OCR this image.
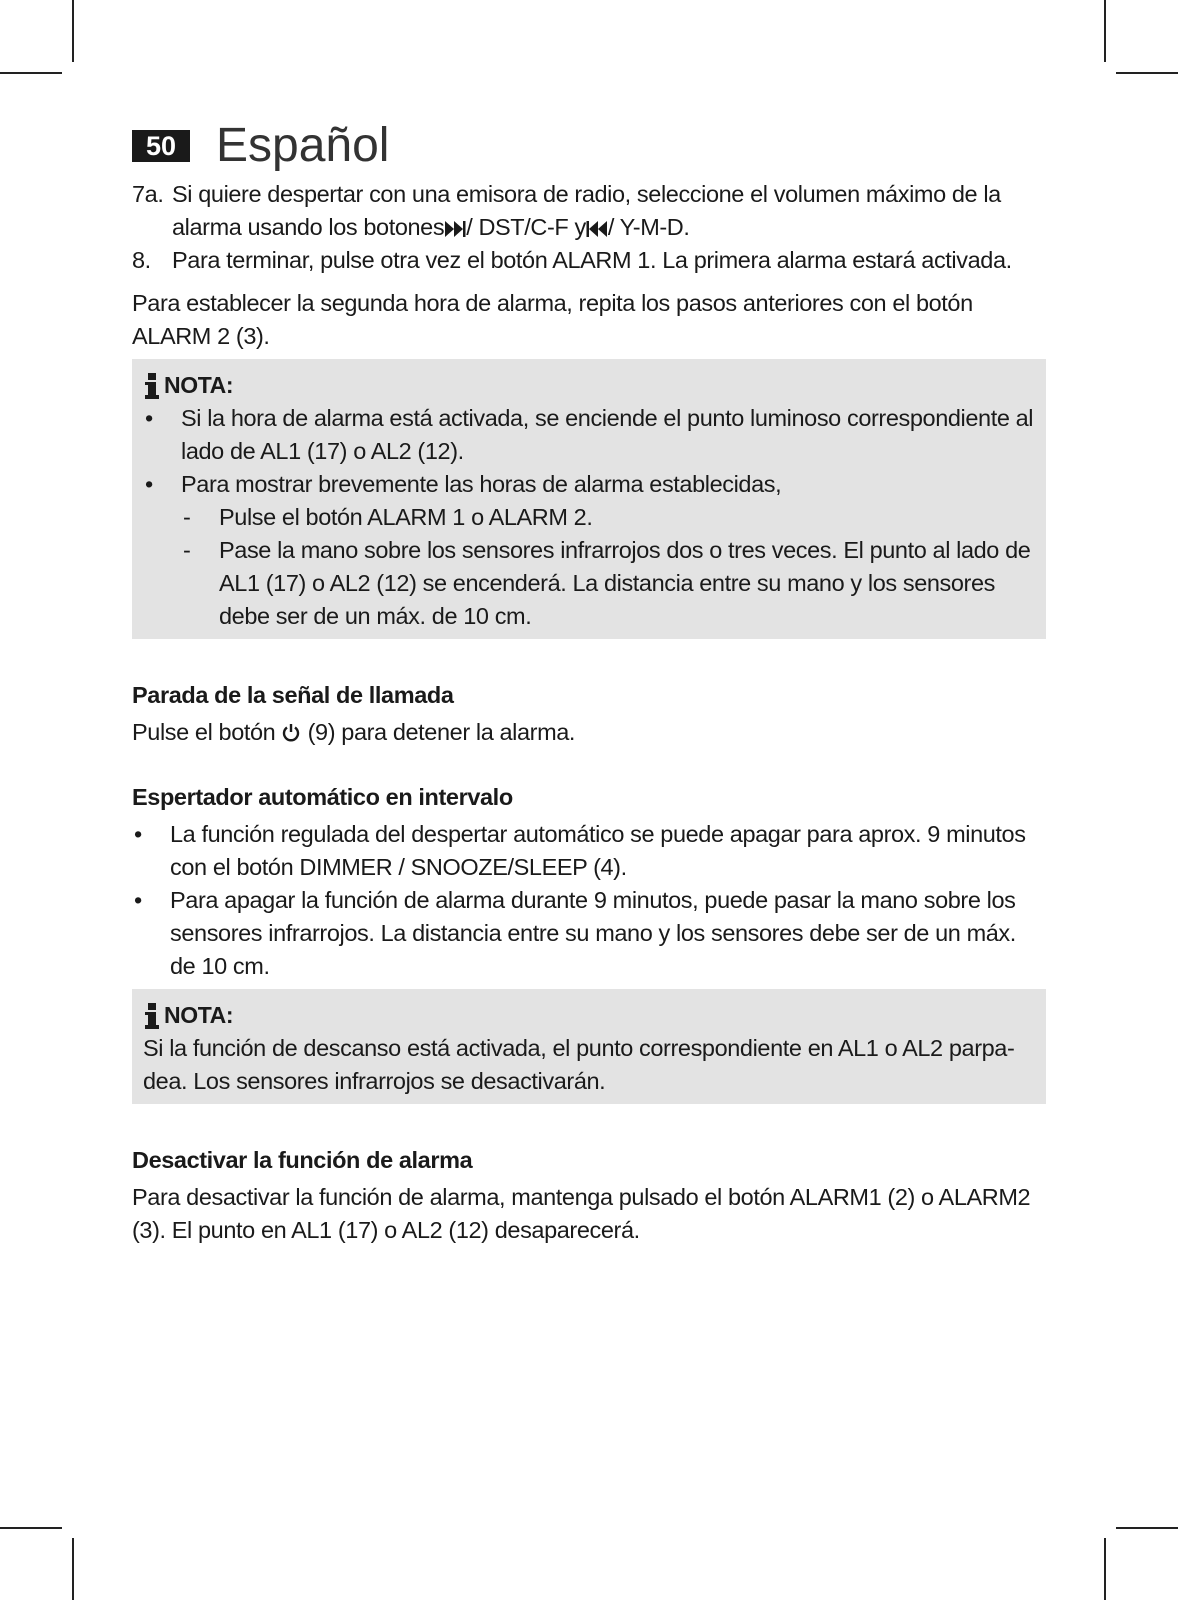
50 Español
7a. Si quiere despertar con una emisora de radio, seleccione el volumen máximo de la alarma usando los botones / DST/C-F y / Y-M-D.
8. Para terminar, pulse otra vez el botón ALARM 1. La primera alarma estará activada.
Para establecer la segunda hora de alarma, repita los pasos anteriores con el botón ALARM 2 (3).
NOTA:
• Si la hora de alarma está activada, se enciende el punto luminoso correspondiente al lado de AL1 (17) o AL2 (12).
• Para mostrar brevemente las horas de alarma establecidas,
- Pulse el botón ALARM 1 o ALARM 2.
- Pase la mano sobre los sensores infrarrojos dos o tres veces. El punto al lado de AL1 (17) o AL2 (12) se encenderá. La distancia entre su mano y los sensores debe ser de un máx. de 10 cm.
Parada de la señal de llamada
Pulse el botón (9) para detener la alarma.
Espertador automático en intervalo
• La función regulada del despertar automático se puede apagar para aprox. 9 minutos con el botón DIMMER / SNOOZE/SLEEP (4).
• Para apagar la función de alarma durante 9 minutos, puede pasar la mano sobre los sensores infrarrojos. La distancia entre su mano y los sensores debe ser de un máx. de 10 cm.
NOTA:
Si la función de descanso está activada, el punto correspondiente en AL1 o AL2 parpa-dea. Los sensores infrarrojos se desactivarán.
Desactivar la función de alarma
Para desactivar la función de alarma, mantenga pulsado el botón ALARM1 (2) o ALARM2 (3). El punto en AL1 (17) o AL2 (12) desaparecerá.
